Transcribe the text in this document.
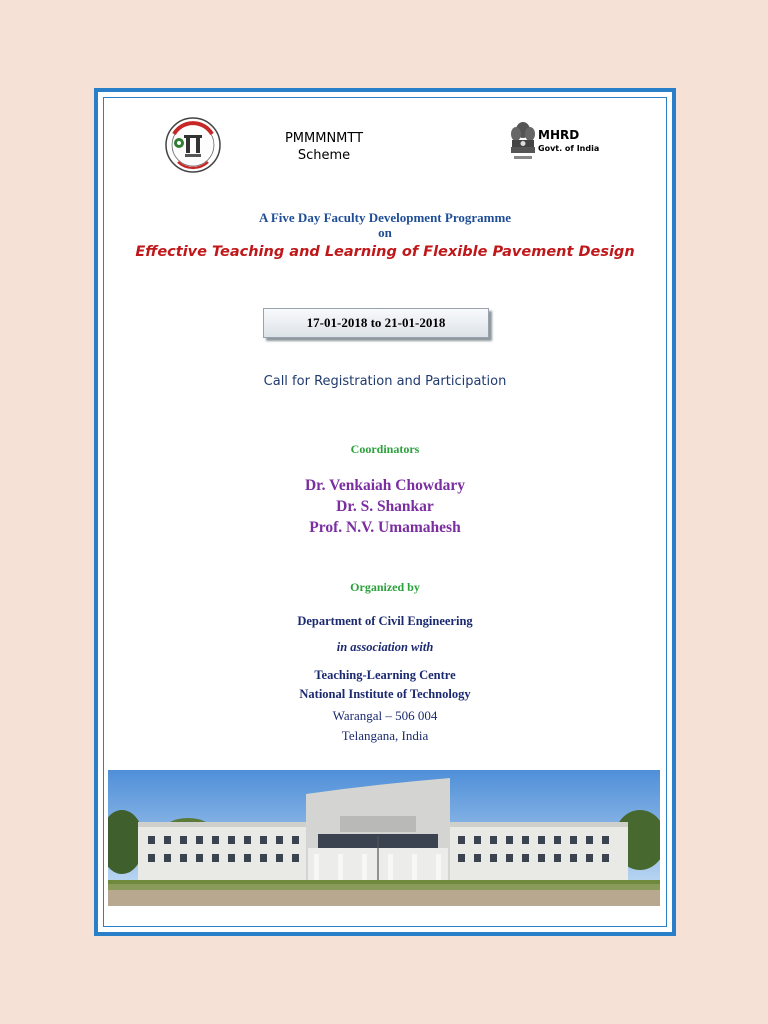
PMMMNMTT
Scheme
MHRD
Govt. of India
A Five Day Faculty Development Programme
on
Effective Teaching and Learning of Flexible Pavement Design
17-01-2018 to 21-01-2018
Call for Registration and Participation
Coordinators
Dr. Venkaiah Chowdary
Dr. S. Shankar
Prof. N.V. Umamahesh
Organized by
Department of Civil Engineering
in association with
Teaching-Learning Centre
National Institute of Technology
Warangal – 506 004
Telangana, India
